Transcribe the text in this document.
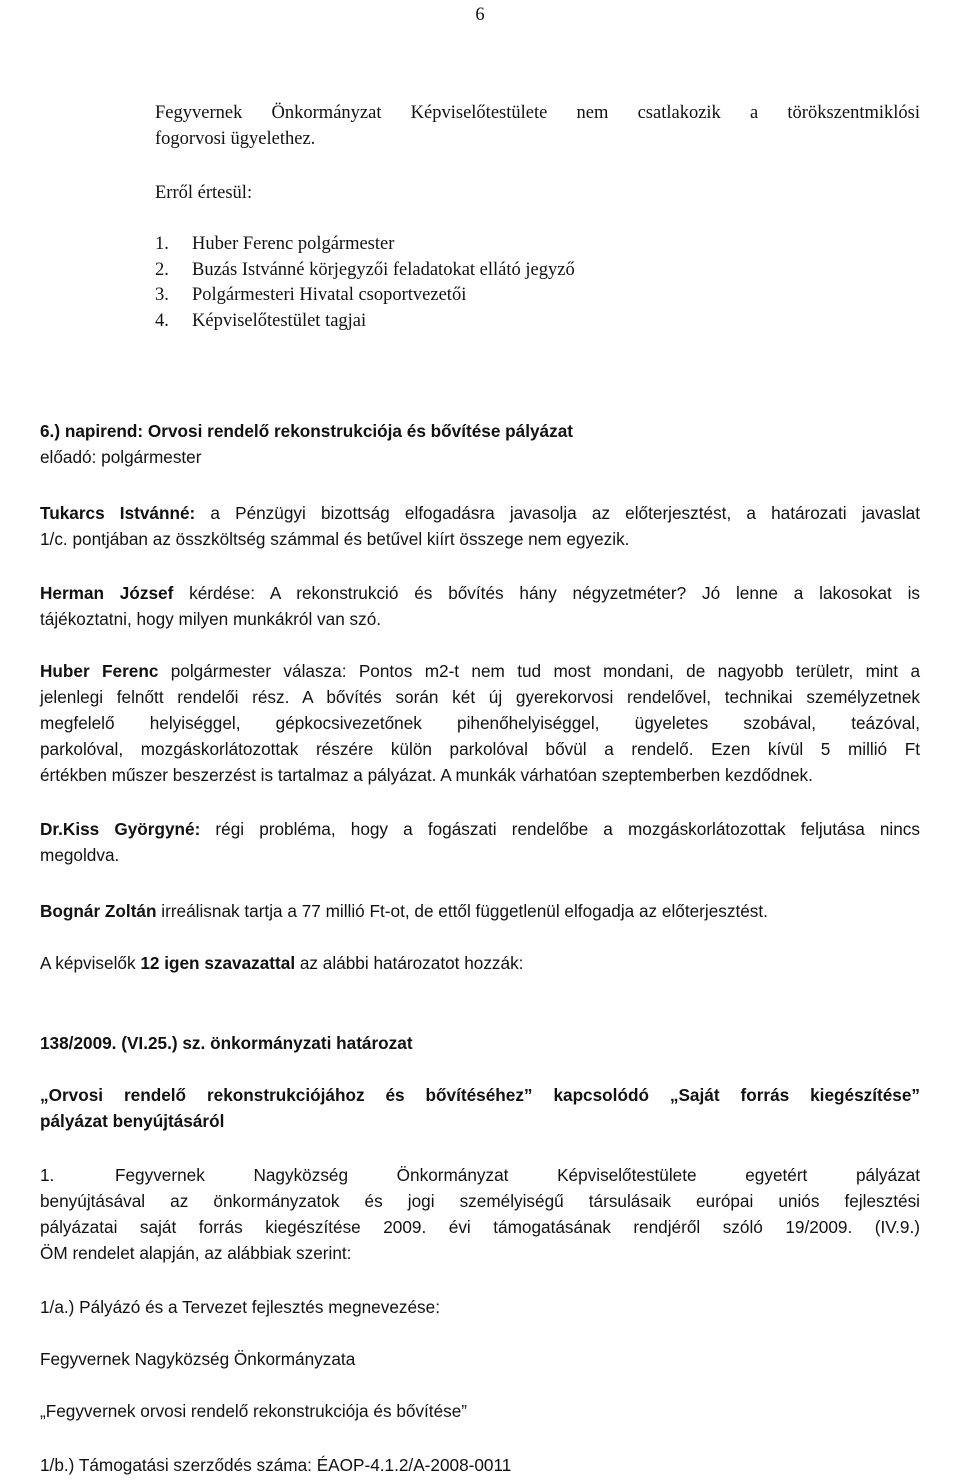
6
Fegyvernek Önkormányzat Képviselőtestülete nem csatlakozik a törökszentmiklósi
fogorvosi ügyelethez.
Erről értesül:
1.	Huber Ferenc polgármester
2.	Buzás Istvánné körjegyzői feladatokat ellátó jegyző
3.	Polgármesteri Hivatal csoportvezetői
4.	Képviselőtestület tagjai
6.) napirend: Orvosi rendelő rekonstrukciója és bővítése pályázat
előadó: polgármester
Tukarcs Istvánné: a Pénzügyi bizottság elfogadásra javasolja az előterjesztést, a határozati javaslat
1/c. pontjában az összköltség számmal és betűvel kiírt összege nem egyezik.
Herman József kérdése: A rekonstrukció és bővítés hány négyzetméter? Jó lenne a lakosokat is
tájékoztatni, hogy milyen munkákról van szó.
Huber Ferenc polgármester válasza: Pontos m2-t nem tud most mondani, de nagyobb területr, mint a
jelenlegi felnőtt rendelői rész. A bővítés során két új gyerekorvosi rendelővel, technikai személyzetnek
megfelelő helyiséggel, gépkocsivezetőnek pihenőhelyiséggel, ügyeletes szobával, teázóval,
parkolóval, mozgáskorlátozottak részére külön parkolóval bővül a rendelő. Ezen kívül 5 millió Ft
értékben műszer beszerzést is tartalmaz a pályázat. A munkák várhatóan szeptemberben kezdődnek.
Dr.Kiss Györgyné: régi probléma, hogy a fogászati rendelőbe a mozgáskorlátozottak feljutása nincs
megoldva.
Bognár Zoltán irreálisnak tartja a 77 millió Ft-ot, de ettől függetlenül elfogadja az előterjesztést.
A képviselők 12 igen szavazattal az alábbi határozatot hozzák:
138/2009. (VI.25.) sz. önkormányzati határozat
„Orvosi rendelő rekonstrukciójához és bővítéséhez” kapcsolódó „Saját forrás kiegészítése”
pályázat benyújtásáról
1.	Fegyvernek Nagyközség Önkormányzat Képviselőtestülete egyetért pályázat
benyújtásával az önkormányzatok és jogi személyiségű társulásaik európai uniós fejlesztési
pályázatai saját forrás kiegészítése 2009. évi támogatásának rendjéről szóló 19/2009. (IV.9.)
ÖM rendelet alapján, az alábbiak szerint:
1/a.) Pályázó és a Tervezet fejlesztés megnevezése:
Fegyvernek Nagyközség Önkormányzata
„Fegyvernek orvosi rendelő rekonstrukciója és bővítése”
1/b.) Támogatási szerződés száma: ÉAOP-4.1.2/A-2008-0011
